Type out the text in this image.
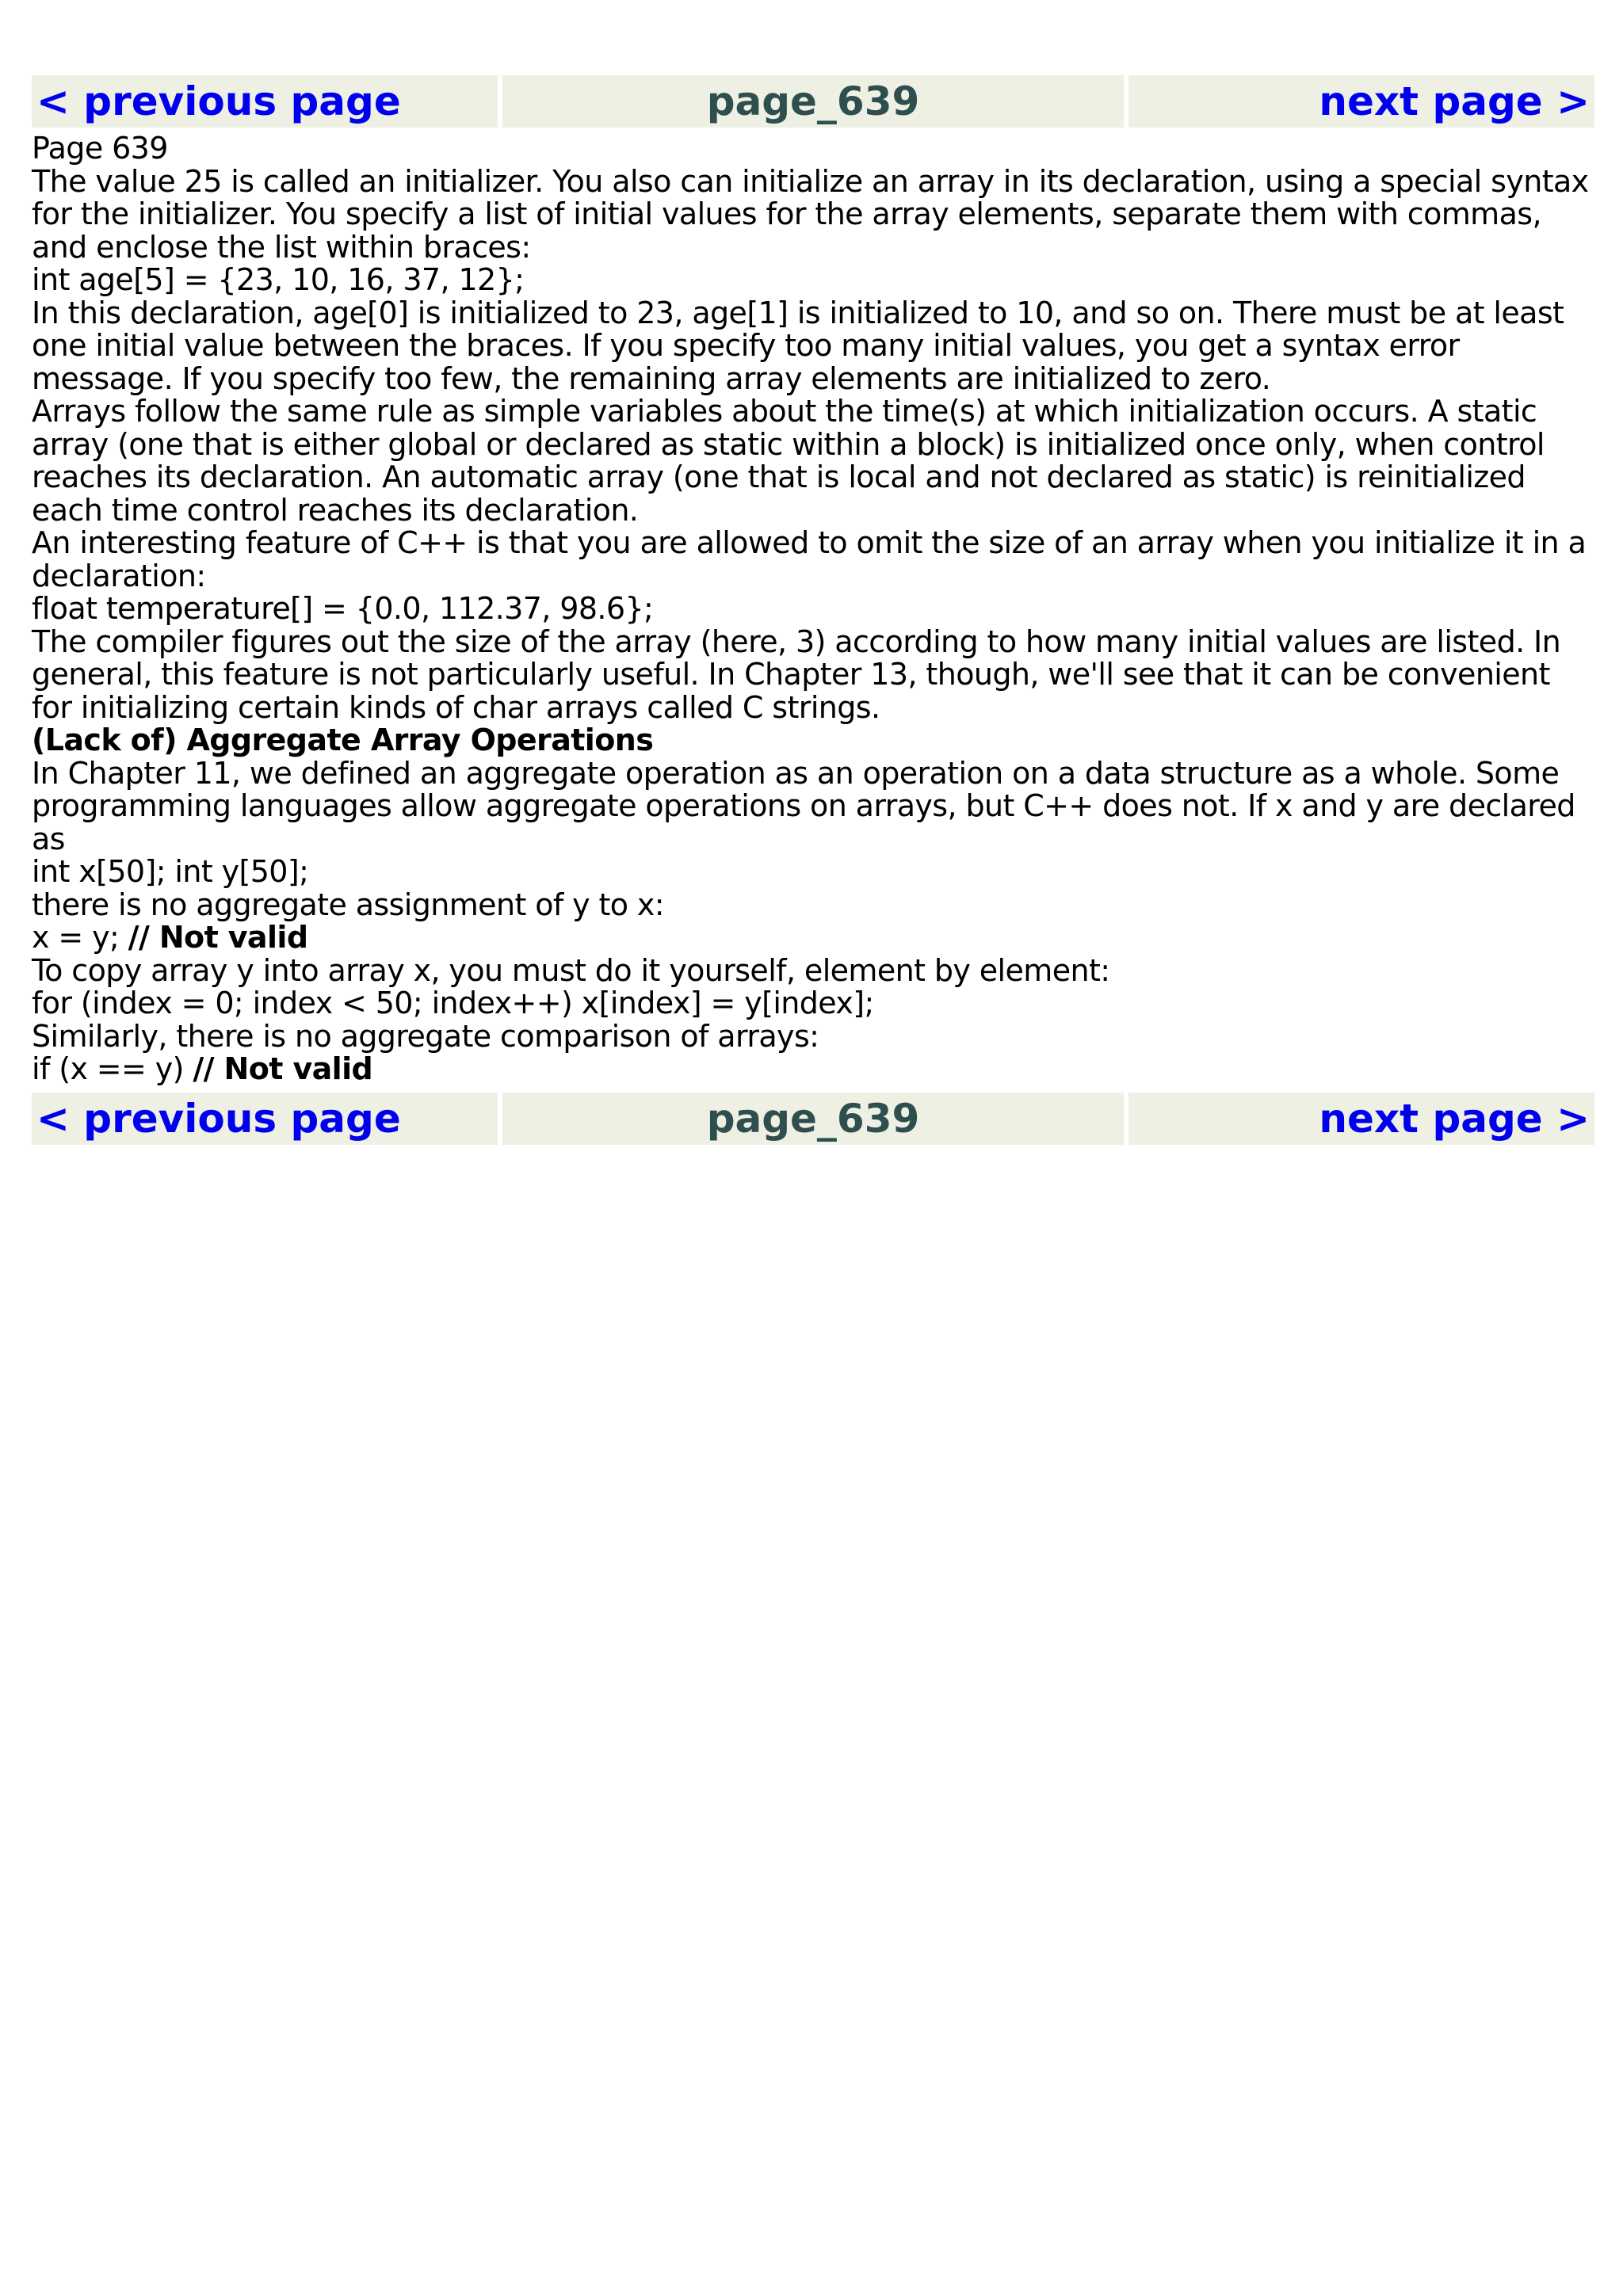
< previous page	page_639	next page >

Page 639

The value 25 is called an initializer. You also can initialize an array in its declaration, using a special syntax for the initializer. You specify a list of initial values for the array elements, separate them with commas, and enclose the list within braces:

int age[5] = {23, 10, 16, 37, 12};

In this declaration, age[0] is initialized to 23, age[1] is initialized to 10, and so on. There must be at least one initial value between the braces. If you specify too many initial values, you get a syntax error message. If you specify too few, the remaining array elements are initialized to zero.

Arrays follow the same rule as simple variables about the time(s) at which initialization occurs. A static array (one that is either global or declared as static within a block) is initialized once only, when control reaches its declaration. An automatic array (one that is local and not declared as static) is reinitialized each time control reaches its declaration.

An interesting feature of C++ is that you are allowed to omit the size of an array when you initialize it in a declaration:

float temperature[] = {0.0, 112.37, 98.6};

The compiler figures out the size of the array (here, 3) according to how many initial values are listed. In general, this feature is not particularly useful. In Chapter 13, though, we'll see that it can be convenient for initializing certain kinds of char arrays called C strings.

(Lack of) Aggregate Array Operations

In Chapter 11, we defined an aggregate operation as an operation on a data structure as a whole. Some programming languages allow aggregate operations on arrays, but C++ does not. If x and y are declared as

int x[50]; int y[50];

there is no aggregate assignment of y to x:

x = y; // Not valid

To copy array y into array x, you must do it yourself, element by element:

for (index = 0; index < 50; index++) x[index] = y[index];

Similarly, there is no aggregate comparison of arrays:

if (x == y) // Not valid

< previous page	page_639	next page >
